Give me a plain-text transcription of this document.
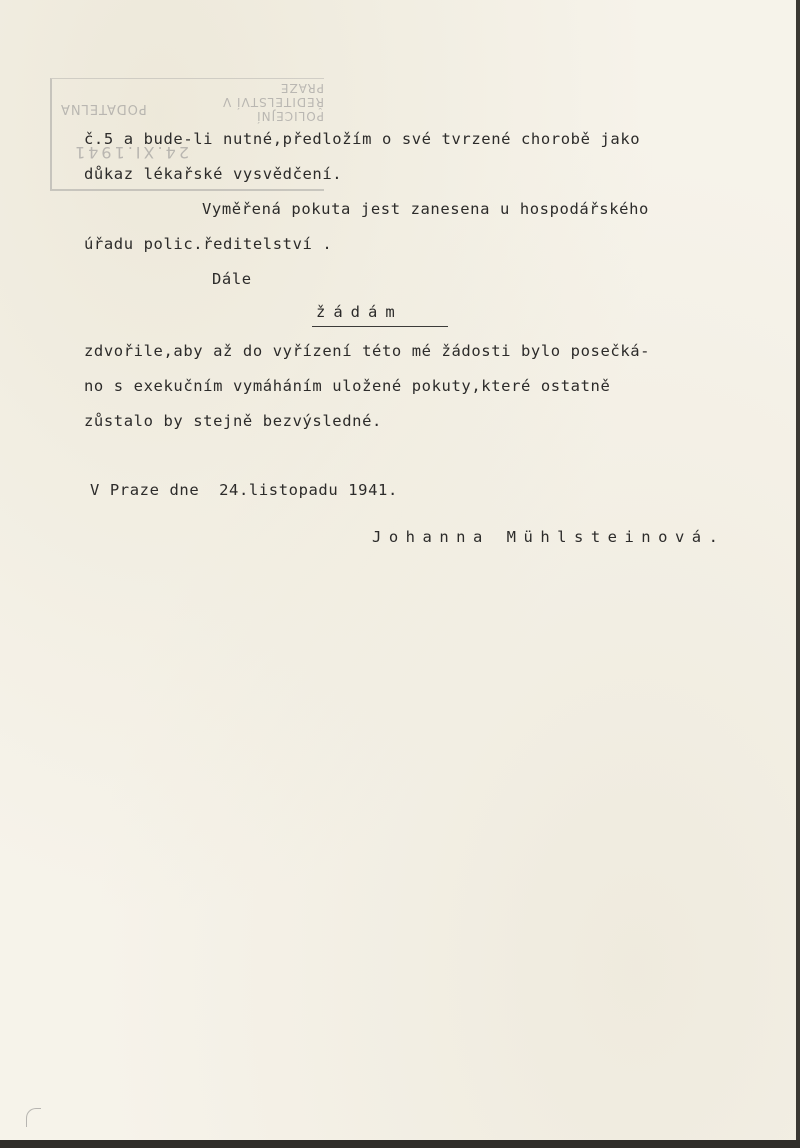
POLICEJNÍ ŘEDITELSTVÍ V PRAZE
PODATELNA
24.XI.1941
č.5 a bude-li nutné,předložím o své tvrzené chorobě jako
důkaz lékařské vysvědčení.
Vyměřená pokuta jest zanesena u hospodářského
úřadu polic.ředitelství .
Dále
žádám
zdvořile,aby až do vyřízení této mé žádosti bylo posečká-
no s exekučním vymáháním uložené pokuty,které ostatně
zůstalo by stejně bezvýsledné.
V Praze dne  24.listopadu 1941.
Johanna Mühlsteinová.
